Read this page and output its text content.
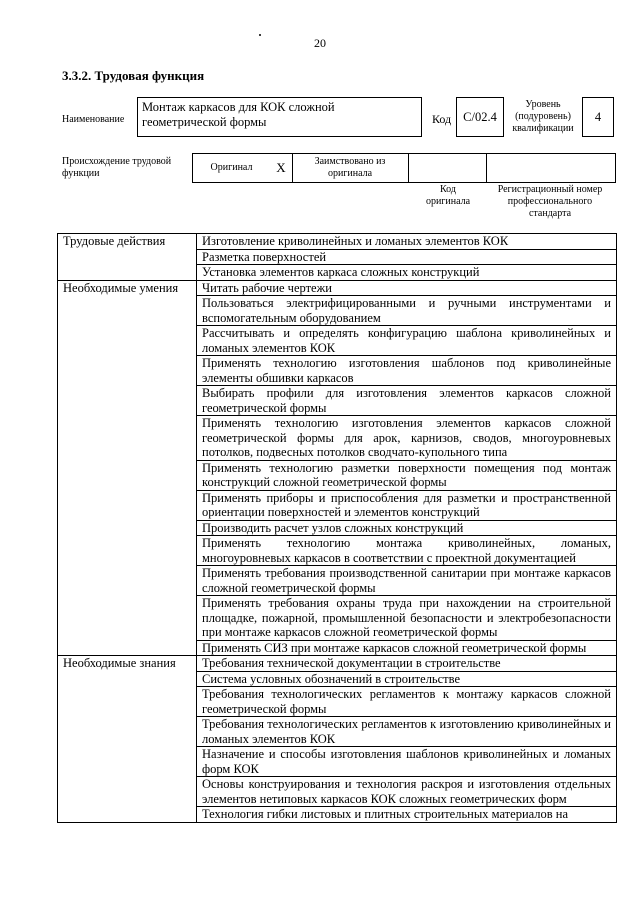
20
3.3.2. Трудовая функция
Наименование
Монтаж каркасов для КОК сложной геометрической формы	Код С/02.4
Уровень (подуровень) квалификации
4
Происхождение трудовой функции
Оригинал	X	Заимствовано из оригинала
Код оригинала
Регистрационный номер профессионального стандарта
Трудовые действия	Изготовление криволинейных и ломаных элементов КОК
	Разметка поверхностей
	Установка элементов каркаса сложных конструкций
Необходимые умения	Читать рабочие чертежи
	Пользоваться электрифицированными и ручными инструментами и вспомогательным оборудованием
	Рассчитывать и определять конфигурацию шаблона криволинейных и ломаных элементов КОК
	Применять технологию изготовления шаблонов под криволинейные элементы обшивки каркасов
	Выбирать профили для изготовления элементов каркасов сложной геометрической формы
	Применять технологию изготовления элементов каркасов сложной геометрической формы для арок, карнизов, сводов, многоуровневых потолков, подвесных потолков сводчато-купольного типа
	Применять технологию разметки поверхности помещения под монтаж конструкций сложной геометрической формы
	Применять приборы и приспособления для разметки и пространственной ориентации поверхностей и элементов конструкций
	Производить расчет узлов сложных конструкций
	Применять технологию монтажа криволинейных, ломаных, многоуровневых каркасов в соответствии с проектной документацией
	Применять требования производственной санитарии при монтаже каркасов сложной геометрической формы
	Применять требования охраны труда при нахождении на строительной площадке, пожарной, промышленной безопасности и электробезопасности при монтаже каркасов сложной геометрической формы
	Применять СИЗ при монтаже каркасов сложной геометрической формы
Необходимые знания	Требования технической документации в строительстве
	Система условных обозначений в строительстве
	Требования технологических регламентов к монтажу каркасов сложной геометрической формы
	Требования технологических регламентов к изготовлению криволинейных и ломаных элементов КОК
	Назначение и способы изготовления шаблонов криволинейных и ломаных форм КОК
	Основы конструирования и технология раскроя и изготовления отдельных элементов нетиповых каркасов КОК сложных геометрических форм
	Технология гибки листовых и плитных строительных материалов на
